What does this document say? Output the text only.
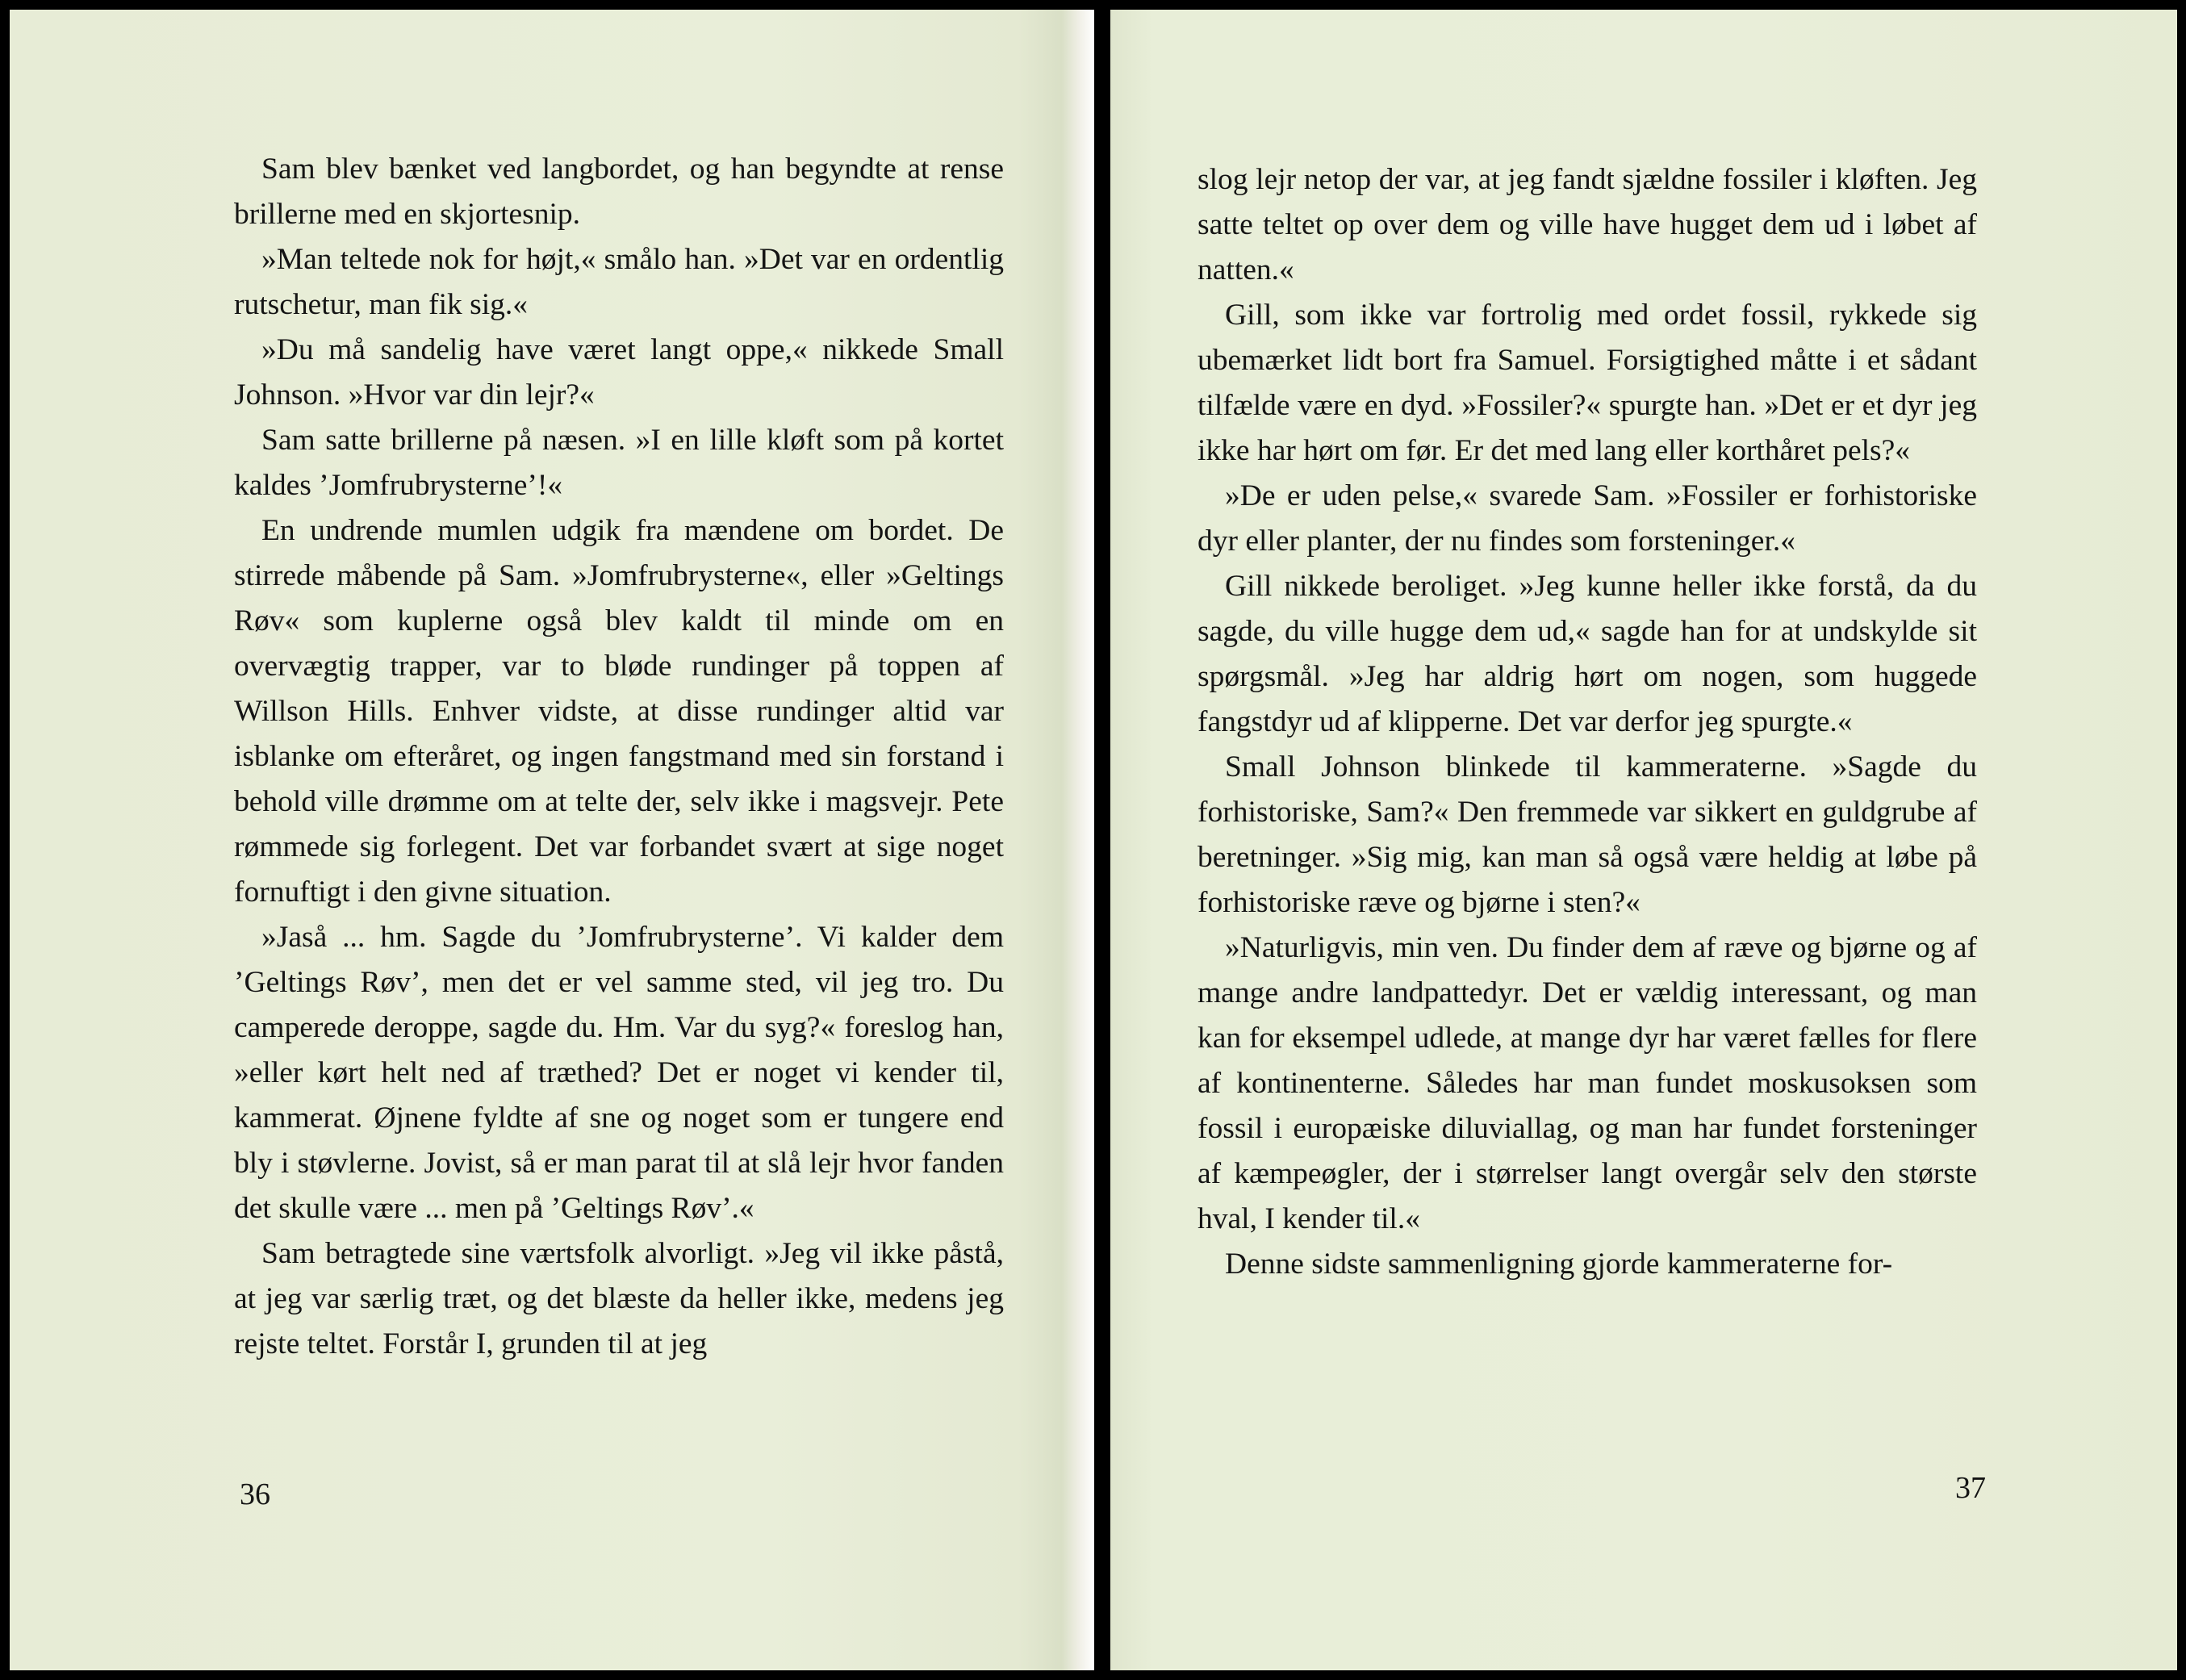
Sam blev bænket ved langbordet, og han begyndte at rense brillerne med en skjortesnip.

»Man teltede nok for højt,« smålo han. »Det var en ordentlig rutschetur, man fik sig.«

»Du må sandelig have været langt oppe,« nikkede Small Johnson. »Hvor var din lejr?«

Sam satte brillerne på næsen. »I en lille kløft som på kortet kaldes ’Jomfrubrysterne’!«

En undrende mumlen udgik fra mændene om bordet. De stirrede måbende på Sam. »Jomfrubrysterne«, eller »Geltings Røv« som kuplerne også blev kaldt til minde om en overvægtig trapper, var to bløde rundinger på toppen af Willson Hills. Enhver vidste, at disse rundinger altid var isblanke om efteråret, og ingen fangstmand med sin forstand i behold ville drømme om at telte der, selv ikke i magsvejr. Pete rømmede sig forlegent. Det var forbandet svært at sige noget fornuftigt i den givne situation.

»Jaså ... hm. Sagde du ’Jomfrubrysterne’. Vi kalder dem ’Geltings Røv’, men det er vel samme sted, vil jeg tro. Du camperede deroppe, sagde du. Hm. Var du syg?« foreslog han, »eller kørt helt ned af træthed? Det er noget vi kender til, kammerat. Øjnene fyldte af sne og noget som er tungere end bly i støvlerne. Jovist, så er man parat til at slå lejr hvor fanden det skulle være ... men på ’Geltings Røv’.«

Sam betragtede sine værtsfolk alvorligt. »Jeg vil ikke påstå, at jeg var særlig træt, og det blæste da heller ikke, medens jeg rejste teltet. Forstår I, grunden til at jeg

36

slog lejr netop der var, at jeg fandt sjældne fossiler i kløften. Jeg satte teltet op over dem og ville have hugget dem ud i løbet af natten.«

Gill, som ikke var fortrolig med ordet fossil, rykkede sig ubemærket lidt bort fra Samuel. Forsigtighed måtte i et sådant tilfælde være en dyd. »Fossiler?« spurgte han. »Det er et dyr jeg ikke har hørt om før. Er det med lang eller korthåret pels?«

»De er uden pelse,« svarede Sam. »Fossiler er forhistoriske dyr eller planter, der nu findes som forsteninger.«

Gill nikkede beroliget. »Jeg kunne heller ikke forstå, da du sagde, du ville hugge dem ud,« sagde han for at undskylde sit spørgsmål. »Jeg har aldrig hørt om nogen, som huggede fangstdyr ud af klipperne. Det var derfor jeg spurgte.«

Small Johnson blinkede til kammeraterne. »Sagde du forhistoriske, Sam?« Den fremmede var sikkert en guldgrube af beretninger. »Sig mig, kan man så også være heldig at løbe på forhistoriske ræve og bjørne i sten?«

»Naturligvis, min ven. Du finder dem af ræve og bjørne og af mange andre landpattedyr. Det er vældig interessant, og man kan for eksempel udlede, at mange dyr har været fælles for flere af kontinenterne. Således har man fundet moskusoksen som fossil i europæiske diluviallag, og man har fundet forsteninger af kæmpeøgler, der i størrelser langt overgår selv den største hval, I kender til.«

Denne sidste sammenligning gjorde kammeraterne for-

37
